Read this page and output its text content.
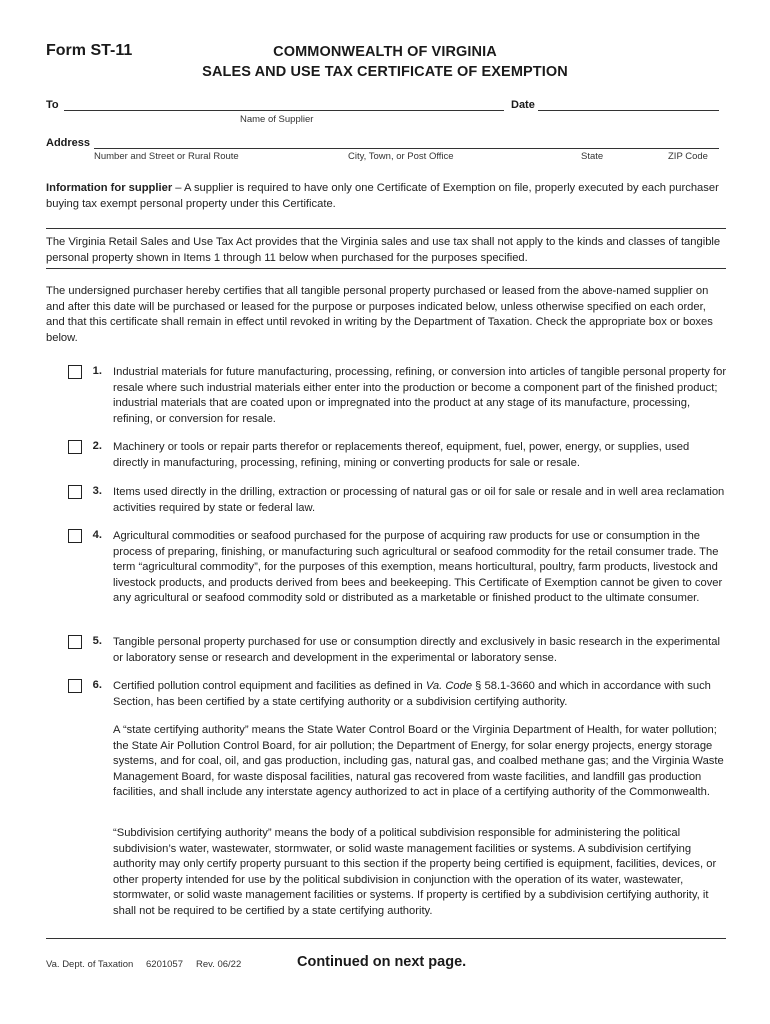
Form ST-11	COMMONWEALTH OF VIRGINIA
SALES AND USE TAX CERTIFICATE OF EXEMPTION
To
Name of Supplier
Date
Address
Number and Street or Rural Route	City, Town, or Post Office	State	ZIP Code
Information for supplier – A supplier is required to have only one Certificate of Exemption on file, properly executed by each purchaser buying tax exempt personal property under this Certificate.
The Virginia Retail Sales and Use Tax Act provides that the Virginia sales and use tax shall not apply to the kinds and classes of tangible personal property shown in Items 1 through 11 below when purchased for the purposes specified.
The undersigned purchaser hereby certifies that all tangible personal property purchased or leased from the above-named supplier on and after this date will be purchased or leased for the purpose or purposes indicated below, unless otherwise specified on each order, and that this certificate shall remain in effect until revoked in writing by the Department of Taxation. Check the appropriate box or boxes below.
1. Industrial materials for future manufacturing, processing, refining, or conversion into articles of tangible personal property for resale where such industrial materials either enter into the production or become a component part of the finished product; industrial materials that are coated upon or impregnated into the product at any stage of its manufacture, processing, refining, or conversion for resale.
2. Machinery or tools or repair parts therefor or replacements thereof, equipment, fuel, power, energy, or supplies, used directly in manufacturing, processing, refining, mining or converting products for sale or resale.
3. Items used directly in the drilling, extraction or processing of natural gas or oil for sale or resale and in well area reclamation activities required by state or federal law.
4. Agricultural commodities or seafood purchased for the purpose of acquiring raw products for use or consumption in the process of preparing, finishing, or manufacturing such agricultural or seafood commodity for the retail consumer trade. The term “agricultural commodity”, for the purposes of this exemption, means horticultural, poultry, farm products, livestock and livestock products, and products derived from bees and beekeeping. This Certificate of Exemption cannot be given to cover any agricultural or seafood commodity sold or distributed as a marketable or finished product to the ultimate consumer.
5. Tangible personal property purchased for use or consumption directly and exclusively in basic research in the experimental or laboratory sense or research and development in the experimental or laboratory sense.
6. Certified pollution control equipment and facilities as defined in Va. Code § 58.1-3660 and which in accordance with such Section, has been certified by a state certifying authority or a subdivision certifying authority.
A “state certifying authority” means the State Water Control Board or the Virginia Department of Health, for water pollution; the State Air Pollution Control Board, for air pollution; the Department of Energy, for solar energy projects, energy storage systems, and for coal, oil, and gas production, including gas, natural gas, and coalbed methane gas; and the Virginia Waste Management Board, for waste disposal facilities, natural gas recovered from waste facilities, and landfill gas production facilities, and shall include any interstate agency authorized to act in place of a certifying authority of the Commonwealth.
“Subdivision certifying authority” means the body of a political subdivision responsible for administering the political subdivision’s water, wastewater, stormwater, or solid waste management facilities or systems. A subdivision certifying authority may only certify property pursuant to this section if the property being certified is equipment, facilities, devices, or other property intended for use by the political subdivision in conjunction with the operation of its water, wastewater, stormwater, or solid waste management facilities or systems. If property is certified by a subdivision certifying authority, it shall not be required to be certified by a state certifying authority.
Va. Dept. of Taxation 6201057 Rev. 06/22	Continued on next page.
